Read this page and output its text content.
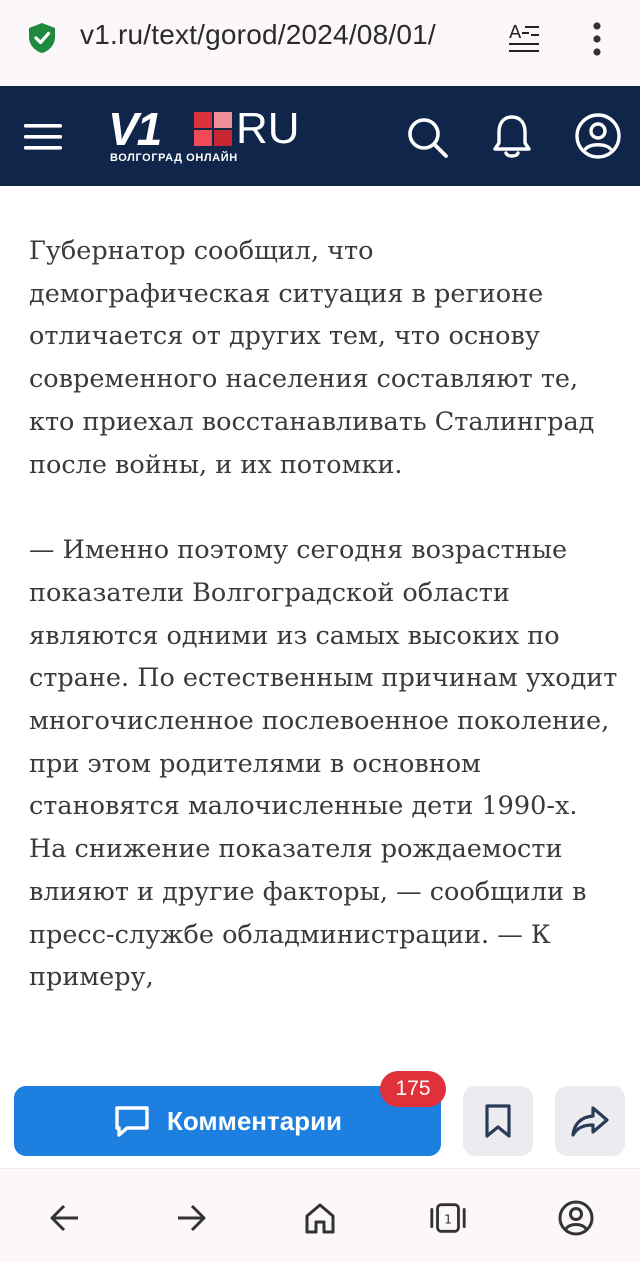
v1.ru/text/gorod/2024/08/01/	A
V1 RU
ВОЛГОГРАД ОНЛАЙН

Губернатор сообщил, что демографическая ситуация в регионе отличается от других тем, что основу современного населения составляют те, кто приехал восстанавливать Сталинград после войны, и их потомки.

— Именно поэтому сегодня возрастные показатели Волгоградской области являются одними из самых высоких по стране. По естественным причинам уходит многочисленное послевоенное поколение, при этом родителями в основном становятся малочисленные дети 1990-х. На снижение показателя рождаемости влияют и другие факторы, — сообщили в пресс-службе обладминистрации. — К примеру,

Комментарии
175
1
